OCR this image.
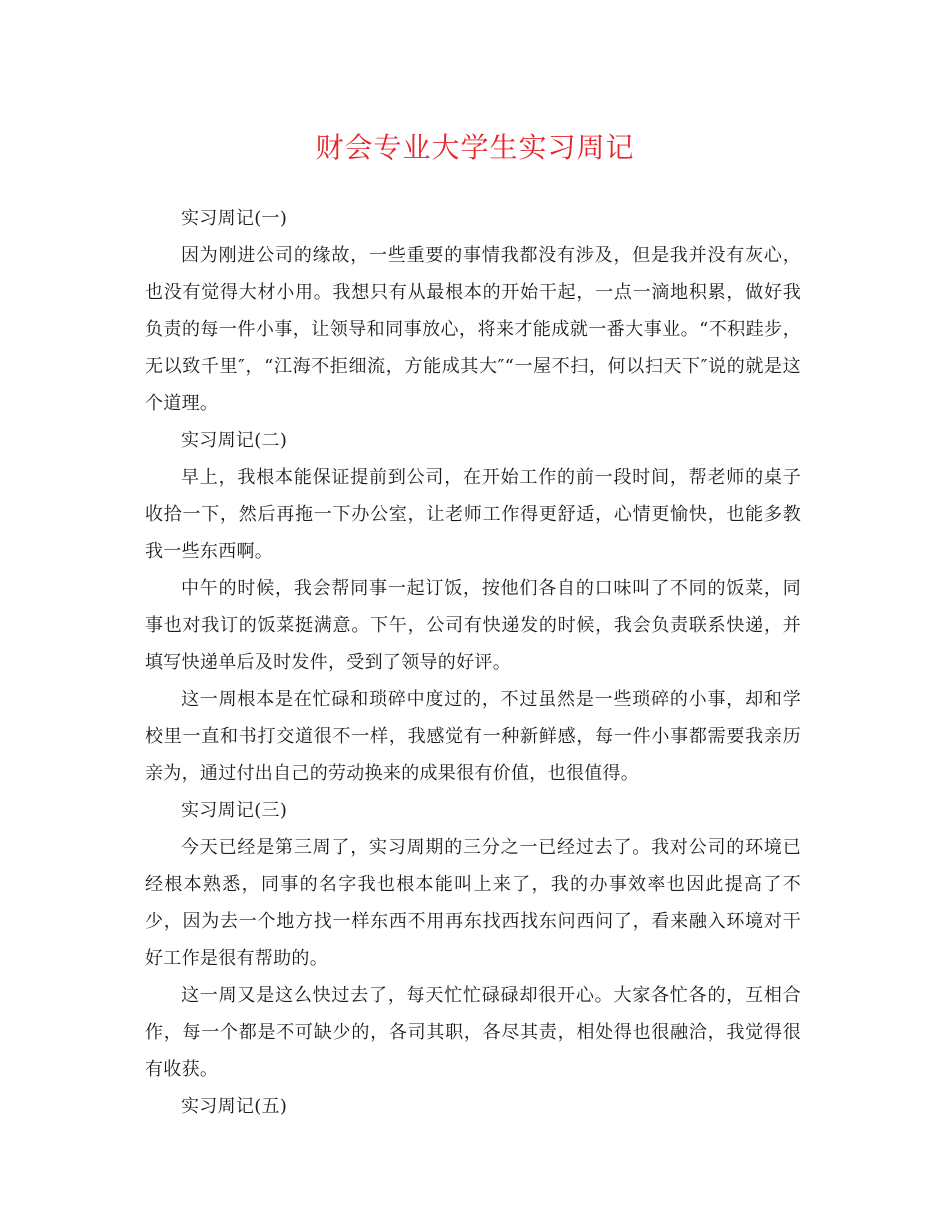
财会专业大学生实习周记

实习周记(一)

因为刚进公司的缘故，一些重要的事情我都没有涉及，但是我并没有灰心，也没有觉得大材小用。我想只有从最根本的开始干起，一点一滴地积累，做好我负责的每一件小事，让领导和同事放心，将来才能成就一番大事业。“不积跬步，无以致千里″，“江海不拒细流，方能成其大″“一屋不扫，何以扫天下″说的就是这个道理。

实习周记(二)

早上，我根本能保证提前到公司，在开始工作的前一段时间，帮老师的桌子收拾一下，然后再拖一下办公室，让老师工作得更舒适，心情更愉快，也能多教我一些东西啊。

中午的时候，我会帮同事一起订饭，按他们各自的口味叫了不同的饭菜，同事也对我订的饭菜挺满意。下午，公司有快递发的时候，我会负责联系快递，并填写快递单后及时发件，受到了领导的好评。

这一周根本是在忙碌和琐碎中度过的，不过虽然是一些琐碎的小事，却和学校里一直和书打交道很不一样，我感觉有一种新鲜感，每一件小事都需要我亲历亲为，通过付出自己的劳动换来的成果很有价值，也很值得。

实习周记(三)

今天已经是第三周了，实习周期的三分之一已经过去了。我对公司的环境已经根本熟悉，同事的名字我也根本能叫上来了，我的办事效率也因此提高了不少，因为去一个地方找一样东西不用再东找西找东问西问了，看来融入环境对干好工作是很有帮助的。

这一周又是这么快过去了，每天忙忙碌碌却很开心。大家各忙各的，互相合作，每一个都是不可缺少的，各司其职，各尽其责，相处得也很融洽，我觉得很有收获。

实习周记(五)
